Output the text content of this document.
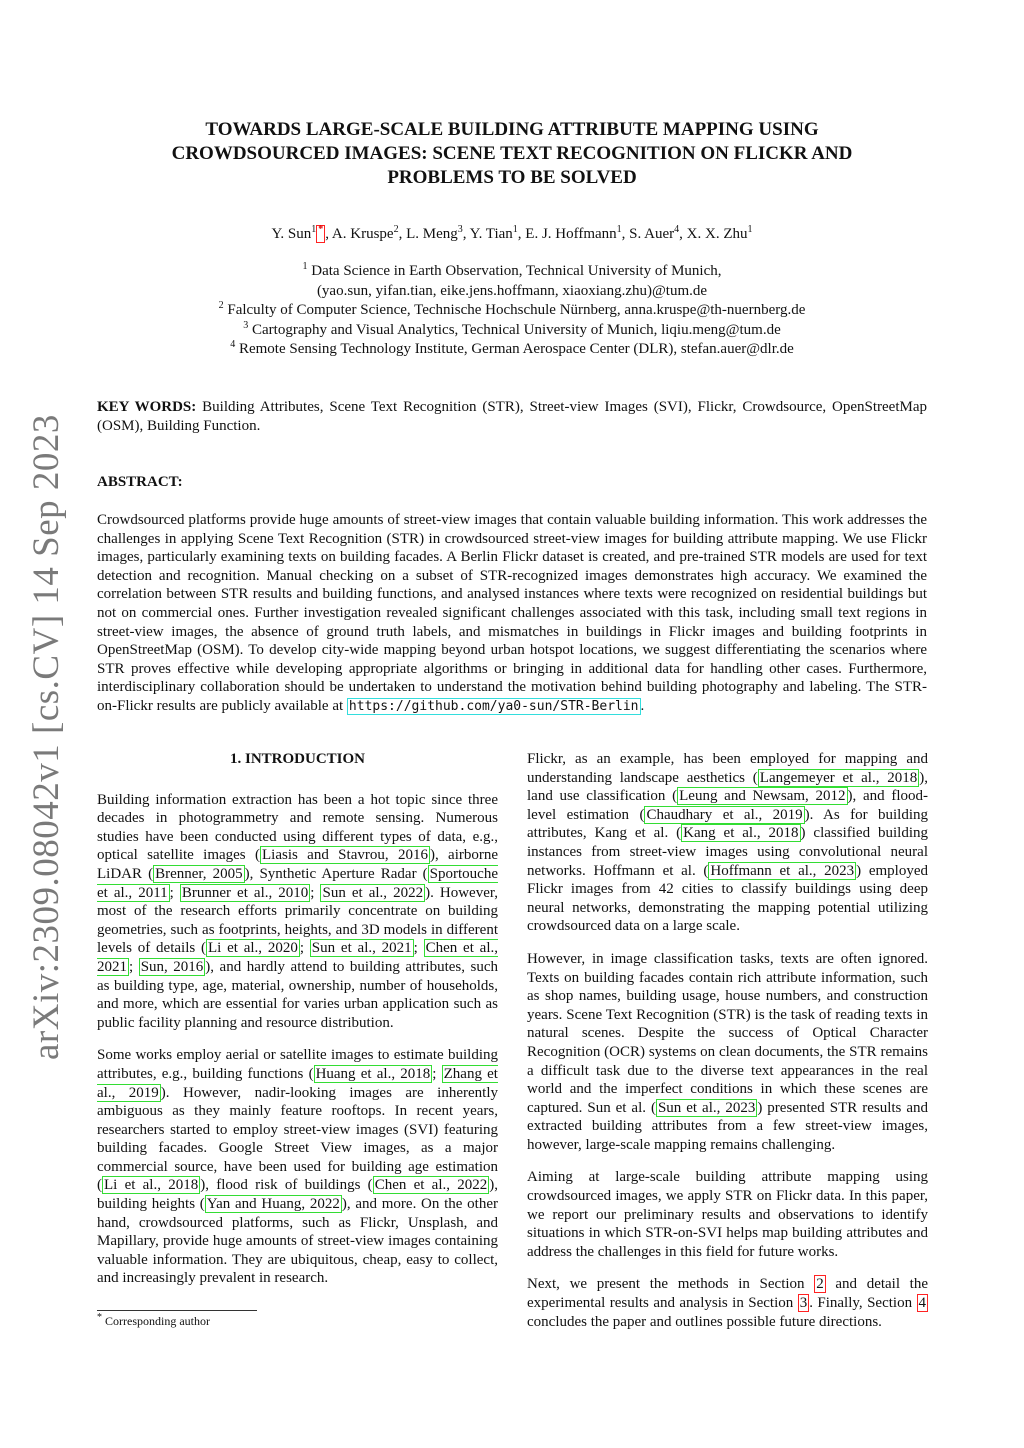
arXiv:2309.08042v1 [cs.CV] 14 Sep 2023
TOWARDS LARGE-SCALE BUILDING ATTRIBUTE MAPPING USING CROWDSOURCED IMAGES: SCENE TEXT RECOGNITION ON FLICKR AND PROBLEMS TO BE SOLVED
Y. Sun$^1$ * , A. Kruspe$^2$, L. Meng$^3$, Y. Tian$^1$, E. J. Hoffmann$^1$, S. Auer$^4$, X. X. Zhu$^1$
$^1$ Data Science in Earth Observation, Technical University of Munich,
(yao.sun, yifan.tian, eike.jens.hoffmann, xiaoxiang.zhu)@tum.de
$^2$ Falculty of Computer Science, Technische Hochschule Nürnberg, anna.kruspe@th-nuernberg.de
$^3$ Cartography and Visual Analytics, Technical University of Munich, liqiu.meng@tum.de
$^4$ Remote Sensing Technology Institute, German Aerospace Center (DLR), stefan.auer@dlr.de
KEY WORDS: Building Attributes, Scene Text Recognition (STR), Street-view Images (SVI), Flickr, Crowdsource, OpenStreetMap (OSM), Building Function.
ABSTRACT:
Crowdsourced platforms provide huge amounts of street-view images that contain valuable building information. This work addresses the challenges in applying Scene Text Recognition (STR) in crowdsourced street-view images for building attribute mapping. We use Flickr images, particularly examining texts on building facades. A Berlin Flickr dataset is created, and pre-trained STR models are used for text detection and recognition. Manual checking on a subset of STR-recognized images demonstrates high accuracy. We examined the correlation between STR results and building functions, and analysed instances where texts were recognized on residential buildings but not on commercial ones. Further investigation revealed significant challenges associated with this task, including small text regions in street-view images, the absence of ground truth labels, and mismatches in buildings in Flickr images and building footprints in OpenStreetMap (OSM). To develop city-wide mapping beyond urban hotspot locations, we suggest differentiating the scenarios where STR proves effective while developing appropriate algorithms or bringing in additional data for handling other cases. Furthermore, interdisciplinary collaboration should be undertaken to understand the motivation behind building photography and labeling. The STR-on-Flickr results are publicly available at https://github.com/ya0-sun/STR-Berlin .
1. INTRODUCTION

Building information extraction has been a hot topic since three decades in photogrammetry and remote sensing. Numerous studies have been conducted using different types of data, e.g., optical satellite images ( Liasis and Stavrou, 2016 ), airborne LiDAR ( Brenner, 2005 ), Synthetic Aperture Radar ( Sportouche et al., 2011 ; Brunner et al., 2010 ; Sun et al., 2022 ). However, most of the research efforts primarily concentrate on building geometries, such as footprints, heights, and 3D models in different levels of details ( Li et al., 2020 ; Sun et al., 2021 ; Chen et al., 2021 ; Sun, 2016 ), and hardly attend to building attributes, such as building type, age, material, ownership, number of households, and more, which are essential for varies urban application such as public facility planning and resource distribution.

Some works employ aerial or satellite images to estimate building attributes, e.g., building functions ( Huang et al., 2018 ; Zhang et al., 2019 ). However, nadir-looking images are inherently ambiguous as they mainly feature rooftops. In recent years, researchers started to employ street-view images (SVI) featuring building facades. Google Street View images, as a major commercial source, have been used for building age estimation ( Li et al., 2018 ), flood risk of buildings ( Chen et al., 2022 ), building heights ( Yan and Huang, 2022 ), and more. On the other hand, crowdsourced platforms, such as Flickr, Unsplash, and Mapillary, provide huge amounts of street-view images containing valuable information. They are ubiquitous, cheap, easy to collect, and increasingly prevalent in research.

Flickr, as an example, has been employed for mapping and understanding landscape aesthetics ( Langemeyer et al., 2018 ), land use classification ( Leung and Newsam, 2012 ), and flood-level estimation ( Chaudhary et al., 2019 ). As for building attributes, Kang et al. ( Kang et al., 2018 ) classified building instances from street-view images using convolutional neural networks. Hoffmann et al. ( Hoffmann et al., 2023 ) employed Flickr images from 42 cities to classify buildings using deep neural networks, demonstrating the mapping potential utilizing crowdsourced data on a large scale.

However, in image classification tasks, texts are often ignored. Texts on building facades contain rich attribute information, such as shop names, building usage, house numbers, and construction years. Scene Text Recognition (STR) is the task of reading texts in natural scenes. Despite the success of Optical Character Recognition (OCR) systems on clean documents, the STR remains a difficult task due to the diverse text appearances in the real world and the imperfect conditions in which these scenes are captured. Sun et al. ( Sun et al., 2023 ) presented STR results and extracted building attributes from a few street-view images, however, large-scale mapping remains challenging.

Aiming at large-scale building attribute mapping using crowdsourced images, we apply STR on Flickr data. In this paper, we report our preliminary results and observations to identify situations in which STR-on-SVI helps map building attributes and address the challenges in this field for future works.

Next, we present the methods in Section 2 and detail the experimental results and analysis in Section 3 . Finally, Section 4 concludes the paper and outlines possible future directions.

* Corresponding author
